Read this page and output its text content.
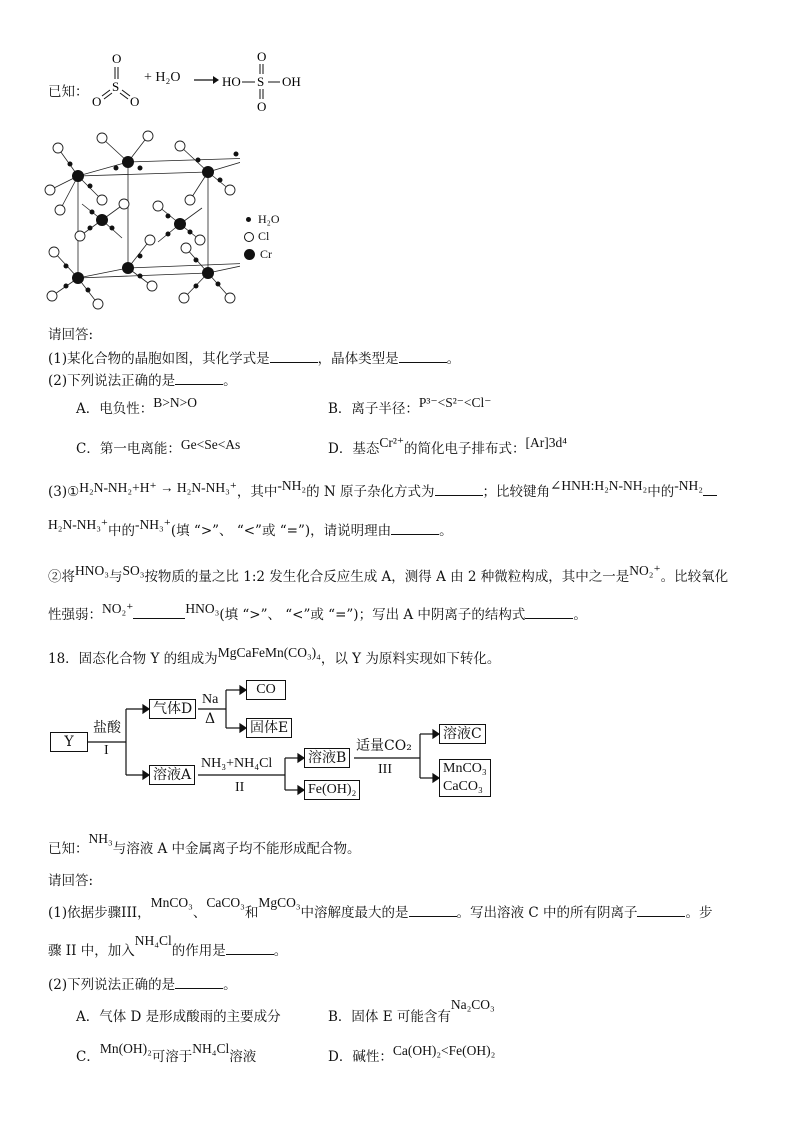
已知：
O
S
O O
+ H₂O →
O
HO S OH
O
H₂O
Cl
Cr
请回答:
(1)某化合物的晶胞如图，其化学式是	，晶体类型是	。
(2)下列说法正确的是	。
A．电负性：B>N>O	B．离子半径：P³⁻<S²⁻<Cl⁻
C．第一电离能：Ge<Se<As	D．基态Cr²⁺的简化电子排布式：[Ar]3d⁴
(3)①H₂N-NH₂+H⁺ → H₂N-NH₃⁺，其中-NH₂的 N 原子杂化方式为	；比较键角∠HNH:H₂N-NH₂中的-NH₂
H₂N-NH₃⁺中的-NH₃⁺(填 “>”、 “<”或 “=”)，请说明理由	。
②将HNO₃与SO₃按物质的量之比 1:2 发生化合反应生成 A，测得 A 由 2 种微粒构成，其中之一是NO₂⁺。比较氧化
性强弱：NO₂⁺	HNO₃(填 “>”、 “<”或 “=”)；写出 A 中阴离子的结构式	。
18．固态化合物 Y 的组成为MgCaFeMn(CO₃)₄，以 Y 为原料实现如下转化。
Y
盐酸
I
气体D
Na
Δ
CO
固体E
溶液A
NH₃+NH₄Cl
II
溶液B
Fe(OH)₂
适量CO₂
III
溶液C
MnCO₃
CaCO₃
已知：NH₃与溶液 A 中金属离子均不能形成配合物。
请回答:
(1)依据步骤III，MnCO₃、CaCO₃和MgCO₃中溶解度最大的是	。写出溶液 C 中的所有阴离子	。步
骤 II 中，加入NH₄Cl的作用是	。
(2)下列说法正确的是	。
A．气体 D 是形成酸雨的主要成分	B．固体 E 可能含有Na₂CO₃
C．Mn(OH)₂可溶于NH₄Cl溶液	D．碱性：Ca(OH)₂<Fe(OH)₂
